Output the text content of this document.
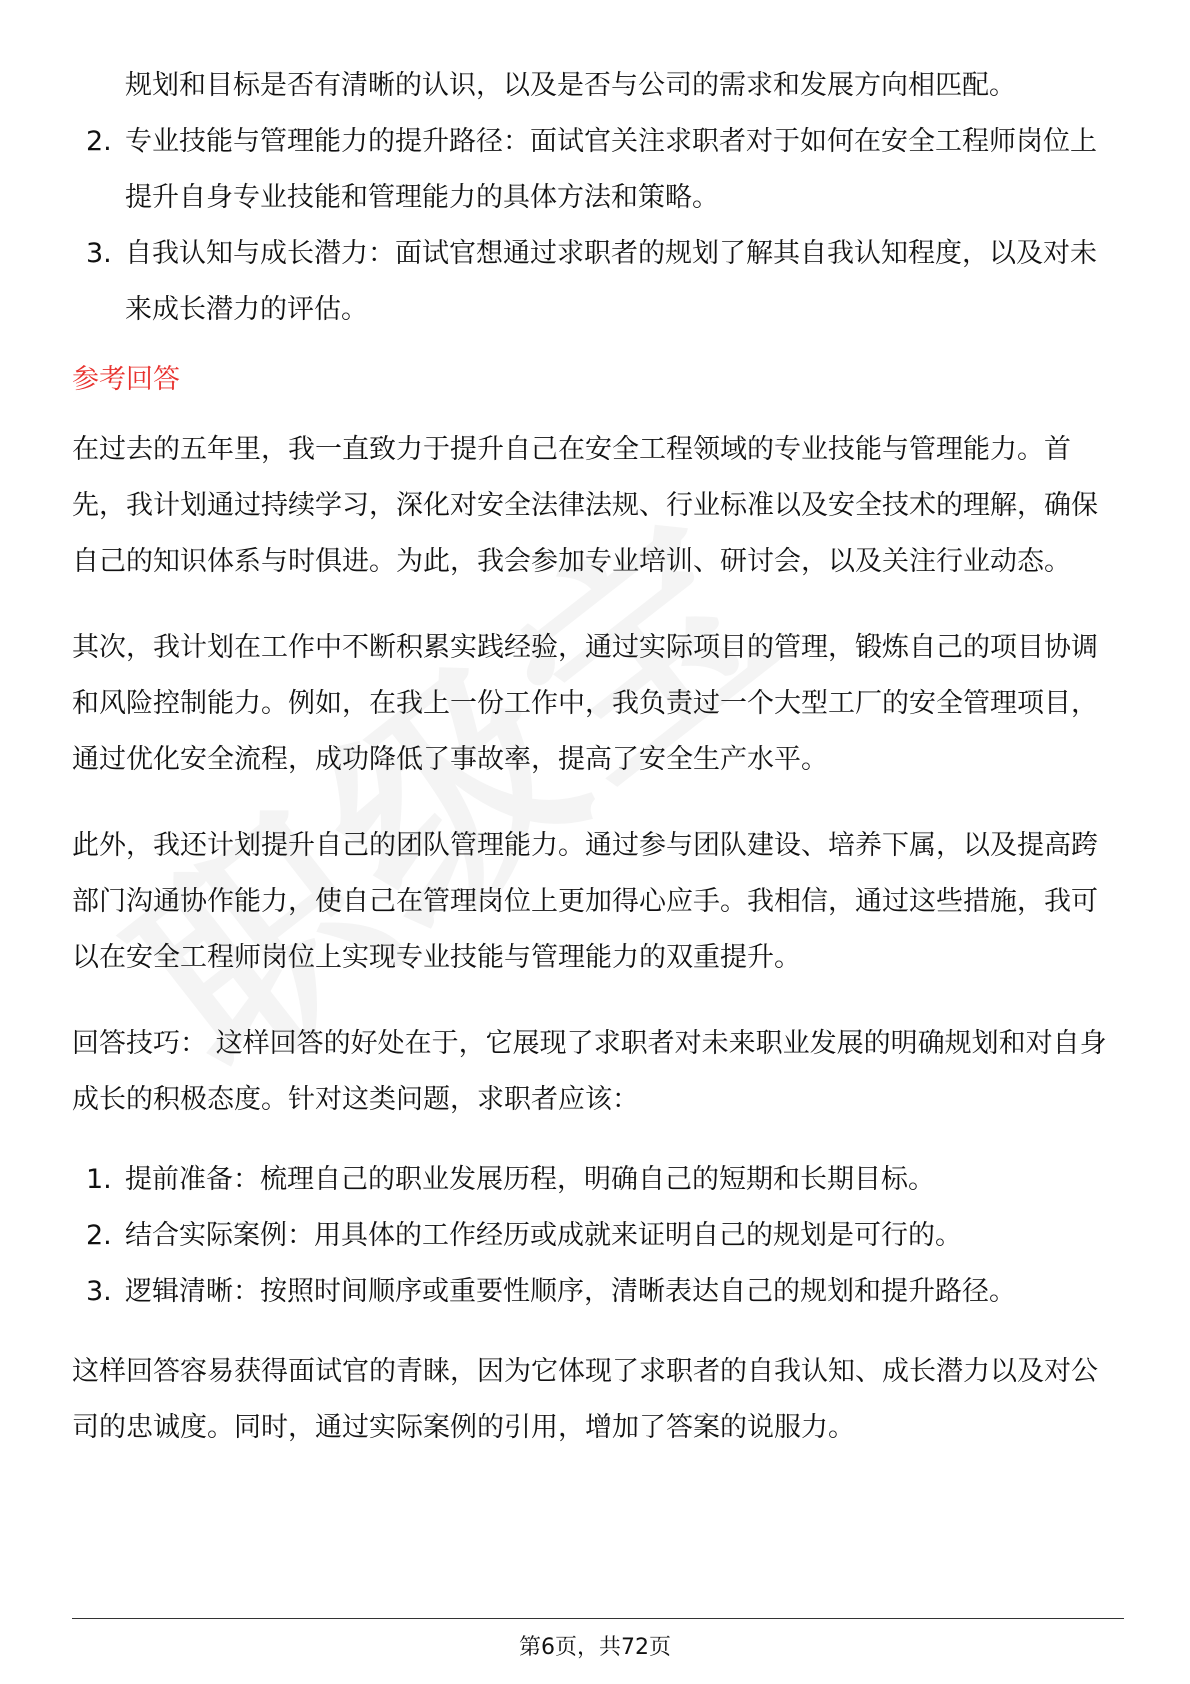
规划和目标是否有清晰的认识，以及是否与公司的需求和发展方向相匹配。

2. 专业技能与管理能力的提升路径：面试官关注求职者对于如何在安全工程师岗位上提升自身专业技能和管理能力的具体方法和策略。
3. 自我认知与成长潜力：面试官想通过求职者的规划了解其自我认知程度，以及对未来成长潜力的评估。

参考回答

在过去的五年里，我一直致力于提升自己在安全工程领域的专业技能与管理能力。首先，我计划通过持续学习，深化对安全法律法规、行业标准以及安全技术的理解，确保自己的知识体系与时俱进。为此，我会参加专业培训、研讨会，以及关注行业动态。

其次，我计划在工作中不断积累实践经验，通过实际项目的管理，锻炼自己的项目协调和风险控制能力。例如，在我上一份工作中，我负责过一个大型工厂的安全管理项目，通过优化安全流程，成功降低了事故率，提高了安全生产水平。

此外，我还计划提升自己的团队管理能力。通过参与团队建设、培养下属，以及提高跨部门沟通协作能力，使自己在管理岗位上更加得心应手。我相信，通过这些措施，我可以在安全工程师岗位上实现专业技能与管理能力的双重提升。

回答技巧： 这样回答的好处在于，它展现了求职者对未来职业发展的明确规划和对自身成长的积极态度。针对这类问题，求职者应该：

1. 提前准备：梳理自己的职业发展历程，明确自己的短期和长期目标。
2. 结合实际案例：用具体的工作经历或成就来证明自己的规划是可行的。
3. 逻辑清晰：按照时间顺序或重要性顺序，清晰表达自己的规划和提升路径。

这样回答容易获得面试官的青睐，因为它体现了求职者的自我认知、成长潜力以及对公司的忠诚度。同时，通过实际案例的引用，增加了答案的说服力。

第6页，共72页
